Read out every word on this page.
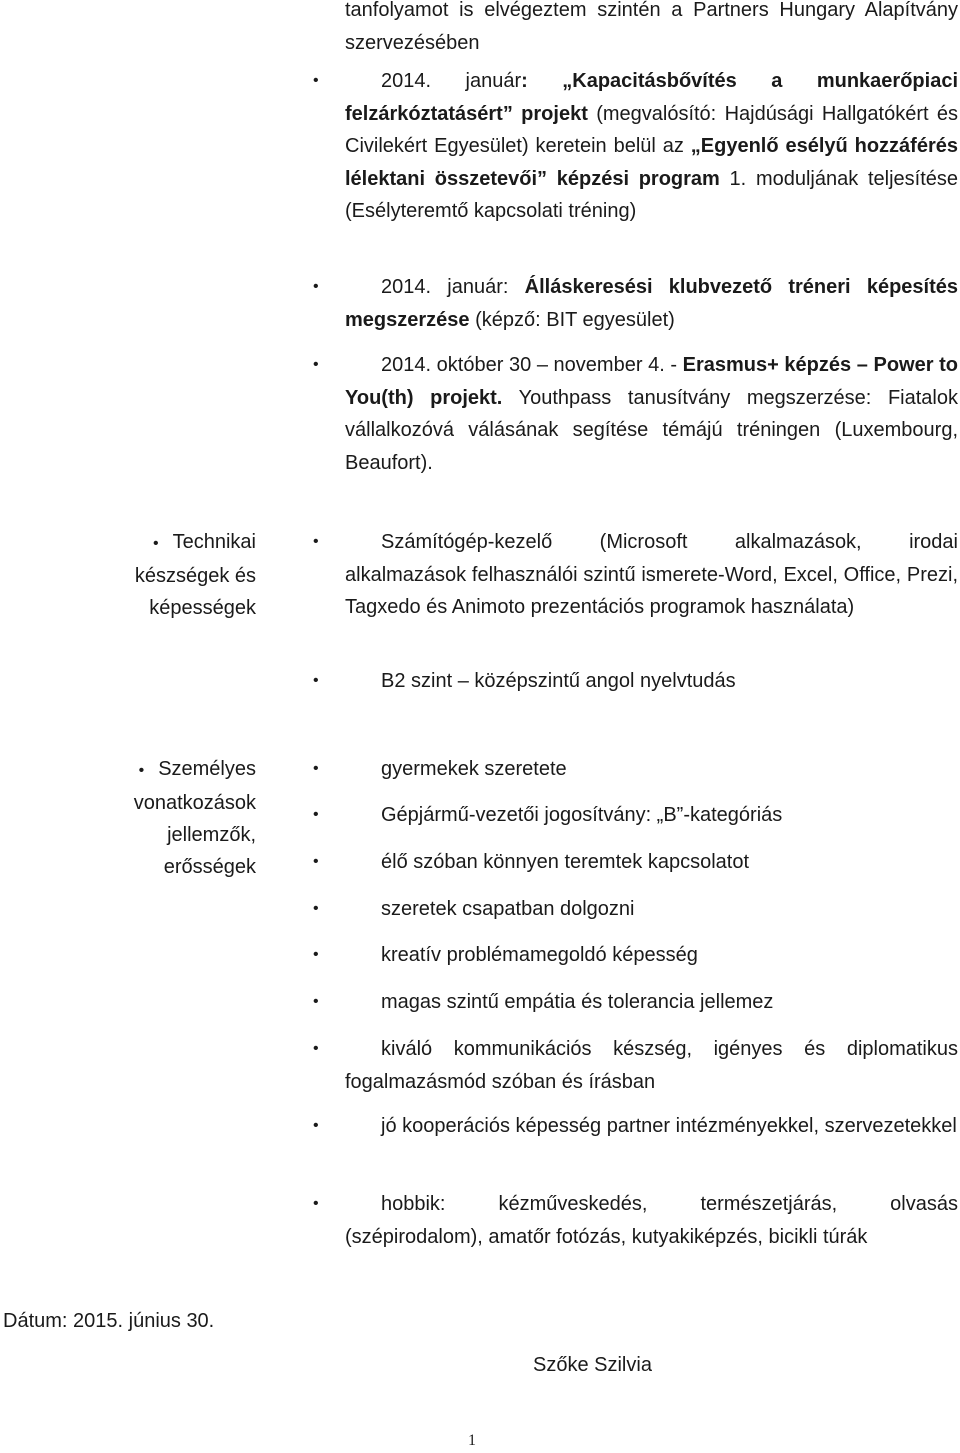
tanfolyamot is elvégeztem szintén a Partners Hungary Alapítvány szervezésében
•	2014. január: „Kapacitásbővítés a munkaerőpiaci felzárkóztatásért” projekt (megvalósító: Hajdúsági Hallgatókért és Civilekért Egyesület) keretein belül az „Egyenlő esélyű hozzáférés lélektani összetevői” képzési program 1. moduljának teljesítése (Esélyteremtő kapcsolati tréning)
•	2014. január: Álláskeresési klubvezető tréneri képesítés megszerzése (képző: BIT egyesület)
•	2014. október 30 – november 4. - Erasmus+ képzés – Power to You(th) projekt. Youthpass tanusítvány megszerzése: Fiatalok vállalkozóvá válásának segítése témájú tréningen (Luxembourg, Beaufort).
• Technikai
készségek és
képességek
•	Számítógép-kezelő (Microsoft alkalmazások, irodai alkalmazások felhasználói szintű ismerete-Word, Excel, Office, Prezi, Tagxedo és Animoto prezentációs programok használata)
•	B2 szint – középszintű angol nyelvtudás
• Személyes
vonatkozások
jellemzők,
erősségek
•	gyermekek szeretete
•	Gépjármű-vezetői jogosítvány: „B”-kategóriás
•	élő szóban könnyen teremtek kapcsolatot
•	szeretek csapatban dolgozni
•	kreatív problémamegoldó képesség
•	magas szintű empátia és tolerancia jellemez
•	kiváló kommunikációs készség, igényes és diplomatikus fogalmazásmód szóban és írásban
•	jó kooperációs képesség partner intézményekkel, szervezetekkel
•	hobbik: kézműveskedés, természetjárás, olvasás (szépirodalom), amatőr fotózás, kutyakiképzés, bicikli túrák
Dátum: 2015. június 30.
Szőke Szilvia
1
